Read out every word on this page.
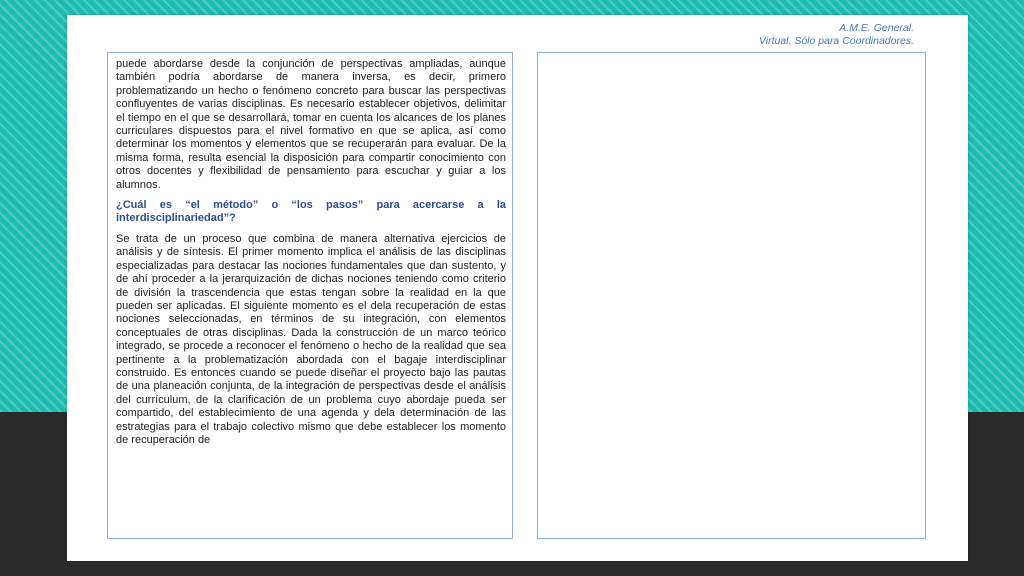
A.M.E. General.
Virtual. Sólo para Coordinadores.

puede abordarse desde la conjunción de perspectivas ampliadas, aunque también podría abordarse de manera inversa, es decir, primero problematizando un hecho o fenómeno concreto para buscar las perspectivas confluyentes de varias disciplinas. Es necesario establecer objetivos, delimitar el tiempo en el que se desarrollará, tomar en cuenta los alcances de los planes curriculares dispuestos para el nivel formativo en que se aplica, así como determinar los momentos y elementos que se recuperarán para evaluar. De la misma forma, resulta esencial la disposición para compartir conocimiento con otros docentes y flexibilidad de pensamiento para escuchar y guiar a los alumnos.

¿Cuál es “el método” o “los pasos” para acercarse a la interdisciplinariedad”?

Se trata de un proceso que combina de manera alternativa ejercicios de análisis y de síntesis. El primer momento implica el análisis de las disciplinas especializadas para destacar las nociones fundamentales que dan sustento, y de ahí proceder a la jerarquización de dichas nociones teniendo como criterio de división la trascendencia que estas tengan sobre la realidad en la que pueden ser aplicadas. El siguiente momento es el dela recuperación de estas nociones seleccionadas, en términos de su integración, con elementos conceptuales de otras disciplinas. Dada la construcción de un marco teórico integrado, se procede a reconocer el fenómeno o hecho de la realidad que sea pertinente a la problematización abordada con el bagaje interdisciplinar construido. Es entonces cuando se puede diseñar el proyecto bajo las pautas de una planeación conjunta, de la integración de perspectivas desde el análisis del currículum, de la clarificación de un problema cuyo abordaje pueda ser compartido, del establecimiento de una agenda y dela determinación de las estrategias para el trabajo colectivo mismo que debe establecer los momento de recuperación de
